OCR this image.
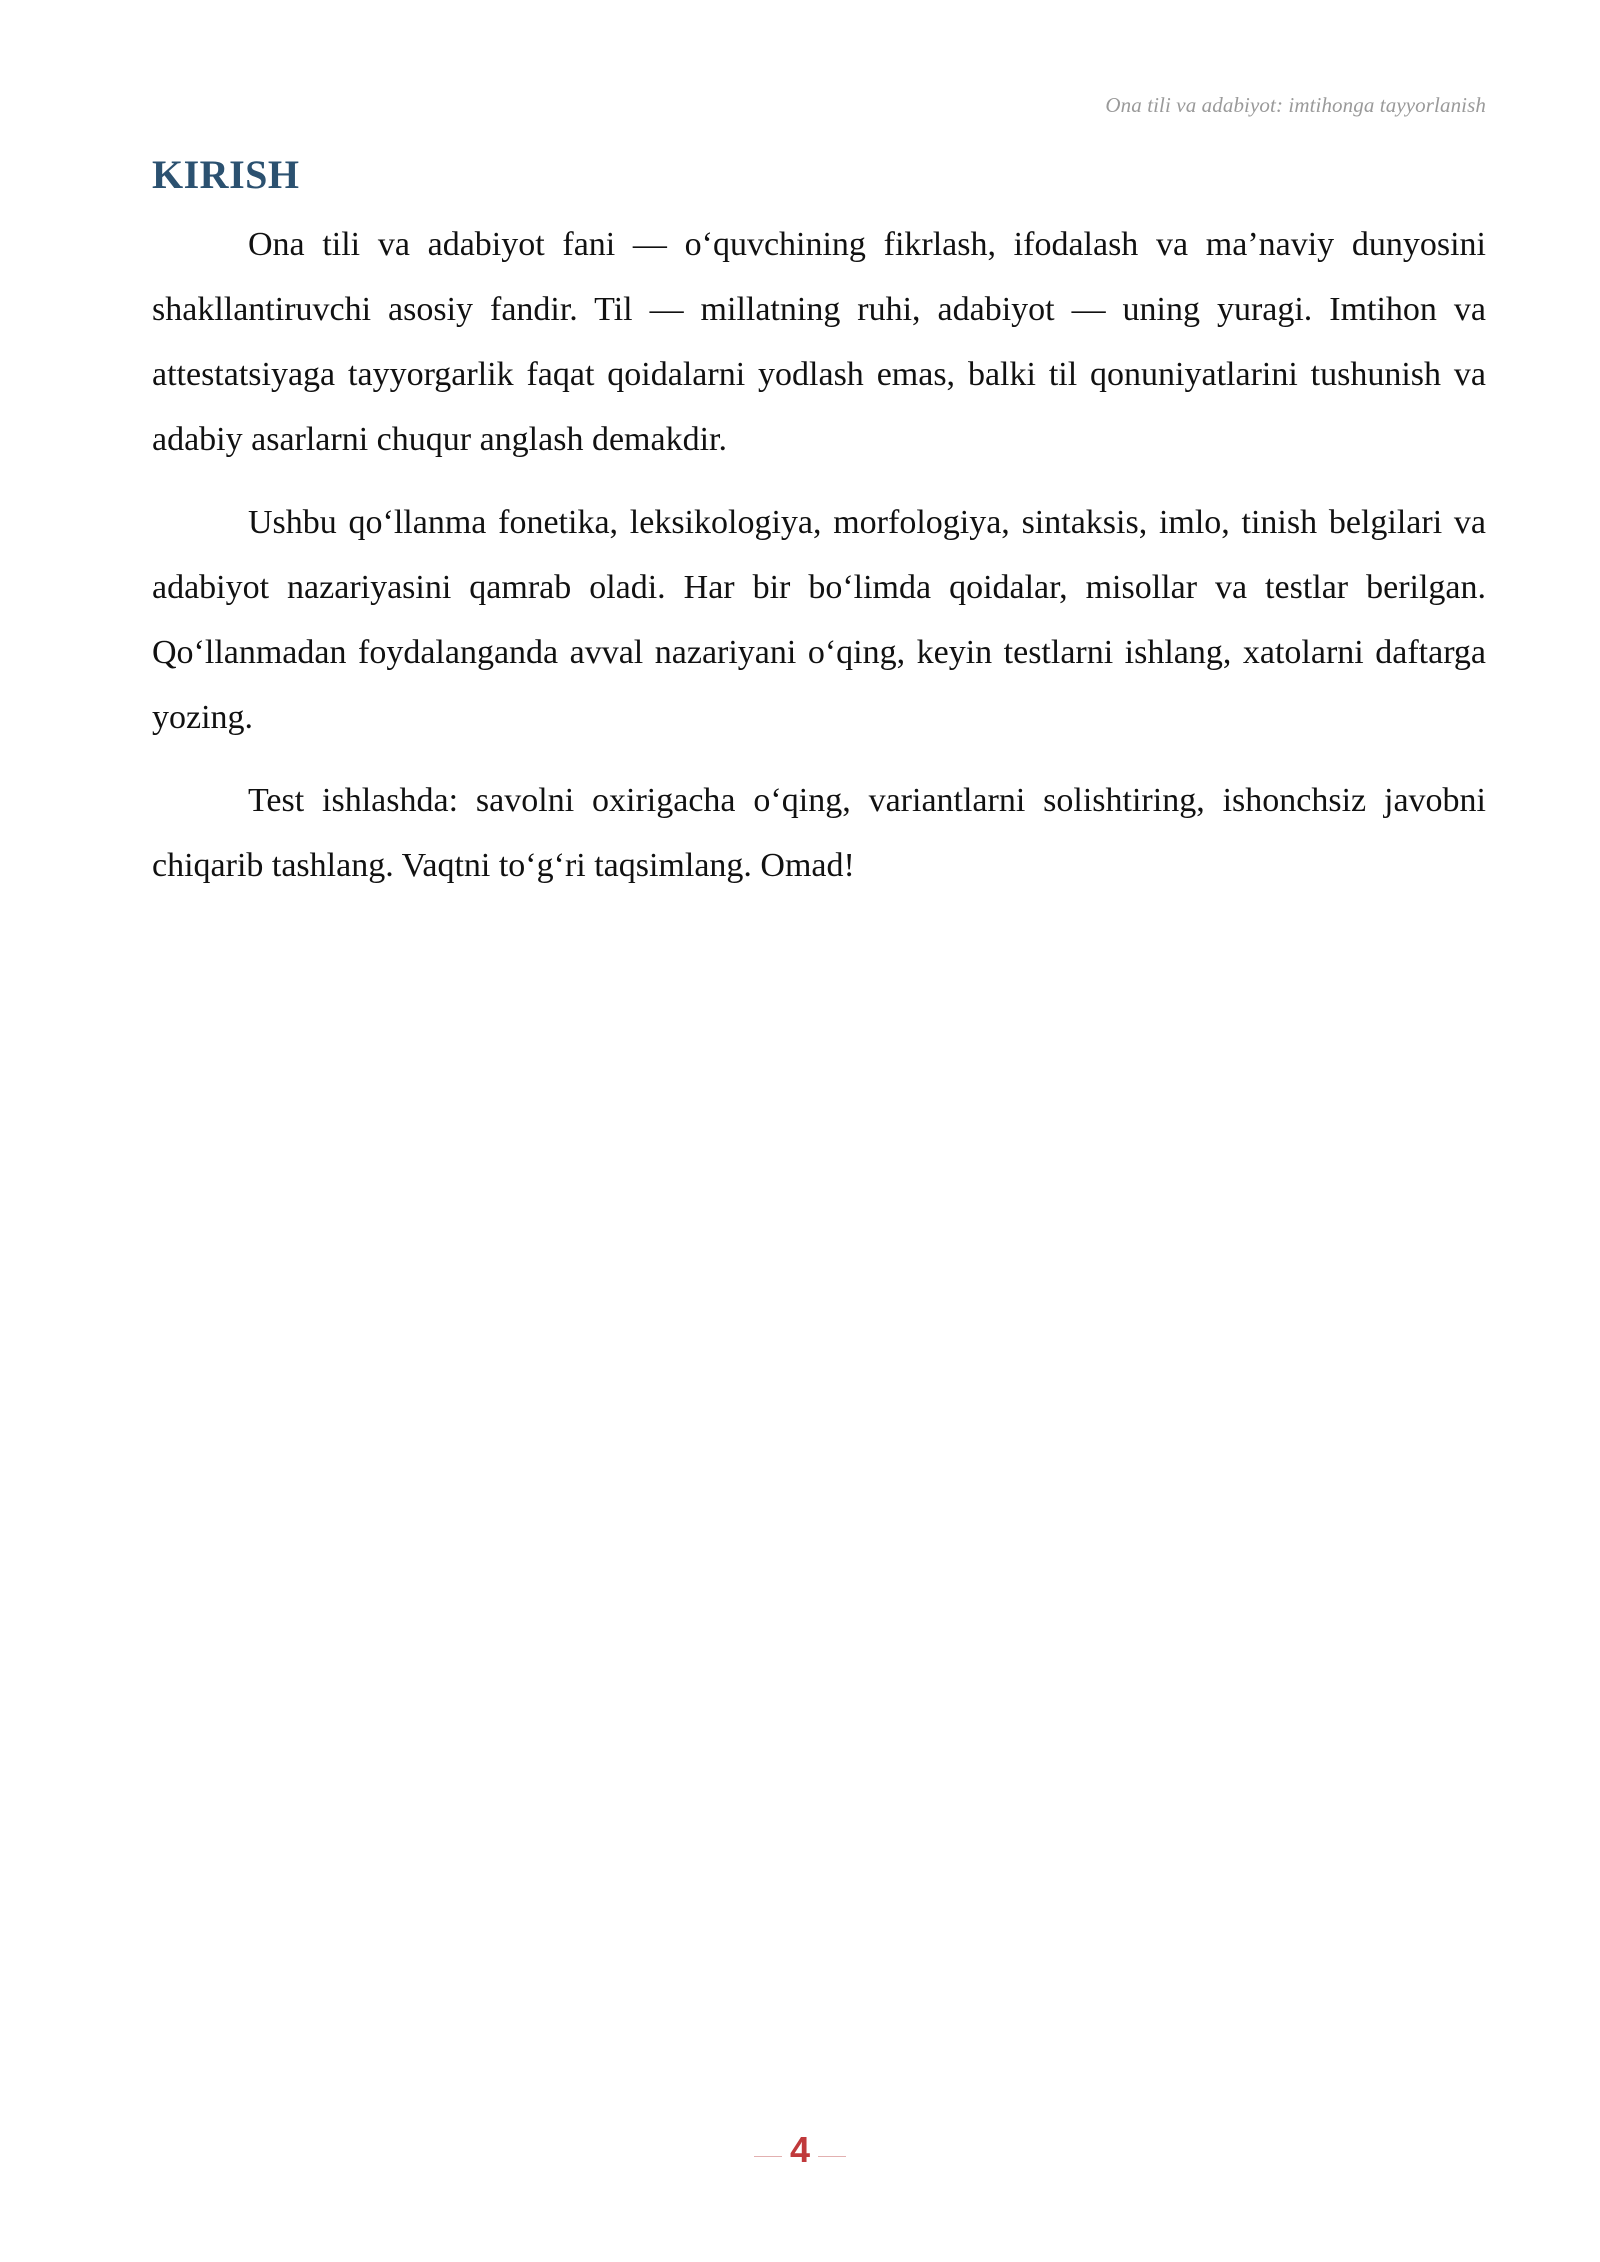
Ona tili va adabiyot: imtihonga tayyorlanish
KIRISH

Ona tili va adabiyot fani — o‘quvchining fikrlash, ifodalash va ma’naviy dunyosini shakllantiruvchi asosiy fandir. Til — millatning ruhi, adabiyot — uning yuragi. Imtihon va attestatsiyaga tayyorgarlik faqat qoidalarni yodlash emas, balki til qonuniyatlarini tushunish va adabiy asarlarni chuqur anglash demakdir.

Ushbu qo‘llanma fonetika, leksikologiya, morfologiya, sintaksis, imlo, tinish belgilari va adabiyot nazariyasini qamrab oladi. Har bir bo‘limda qoidalar, misollar va testlar berilgan. Qo‘llanmadan foydalanganda avval nazariyani o‘qing, keyin testlarni ishlang, xatolarni daftarga yozing.

Test ishlashda: savolni oxirigacha o‘qing, variantlarni solishtiring, ishonchsiz javobni chiqarib tashlang. Vaqtni to‘g‘ri taqsimlang. Omad!

4
